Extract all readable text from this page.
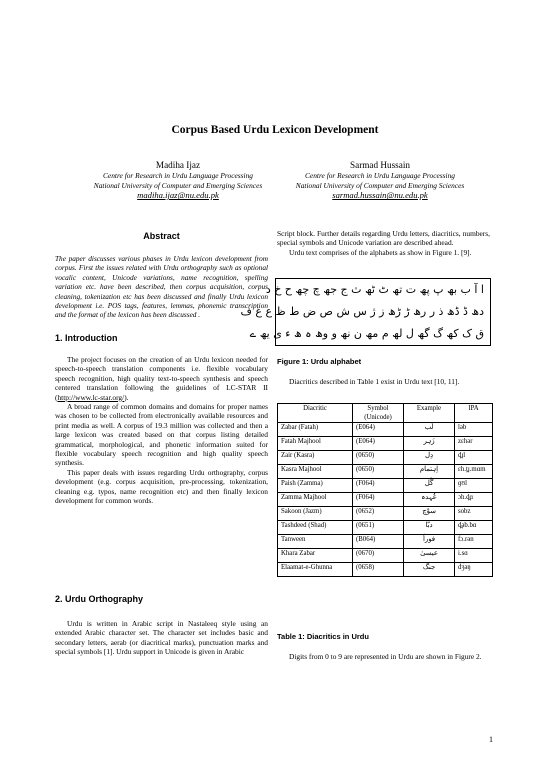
Corpus Based Urdu Lexicon Development
Madiha Ijaz
Centre for Research in Urdu Language Processing
National University of Computer and Emerging Sciences
madiha.ijaz@nu.edu.pk
Sarmad Hussain
Centre for Research in Urdu Language Processing
National University of Computer and Emerging Sciences
sarmad.hussain@nu.edu.pk
Abstract
The paper discusses various phases in Urdu lexicon development from corpus. First the issues related with Urdu orthography such as optional vocalic content, Unicode variations, name recognition, spelling variation etc. have been described, then corpus acquisition, corpus cleaning, tokenization etc has been discussed and finally Urdu lexicon development i.e. POS tags, features, lemmas, phonemic transcription and the format of the lexicon has been discussed .
1. Introduction

The project focuses on the creation of an Urdu lexicon needed for speech-to-speech translation components i.e. flexible vocabulary speech recognition, high quality text-to-speech synthesis and speech centered translation following the guidelines of LC-STAR II (http://www.lc-star.org/).

A broad range of common domains and domains for proper names was chosen to be collected from electronically available resources and print media as well. A corpus of 19.3 million was collected and then a large lexicon was created based on that corpus listing detailed grammatical, morphological, and phonetic information suited for flexible vocabulary speech recognition and high quality speech synthesis.

This paper deals with issues regarding Urdu orthography, corpus development (e.g. corpus acquisition, pre-processing, tokenization, cleaning e.g. typos, name recognition etc) and then finally lexicon development for common words.

2. Urdu Orthography

Urdu is written in Arabic script in Nastaleeq style using an extended Arabic character set. The character set includes basic and secondary letters, aerab (or diacritical marks), punctuation marks and special symbols [1]. Urdu support in Unicode is given in Arabic

Script block. Further details regarding Urdu letters, diacritics, numbers, special symbols and Unicode variation are described ahead.

Urdu text comprises of the alphabets as show in Figure 1. [9].

ا آ ب بھ پ پھ ت تھ ٹ ٹھ ث ج جھ چ چھ ح خ د
دھ ڈ ڈھ ذ ر رھ ڑ ڑھ ز ژ س ش ص ض ط ظ ع غ ف
ق ک کھ گ گھ ل لھ م مھ ن نھ و وھ ہ ھ ء ی یھ ے
Figure 1: Urdu alphabet

Diacritics described in Table 1 exist in Urdu text [10, 11].

Diacritic	Symbol (Unicode)	Example	IPA
Zabar (Fatah)	(E064)	لَب	ləb
Fatah Majhool	(E064)	زَہر	zɛhər
Zair (Kasra)	(0650)	دِل	d̪ɪl
Kasra Majhool	(0650)	اِہتمام	ɛh.t̪ɪ.mɑm
Paish (Zamma)	(F064)	گُل	ɡʊl
Zamma Majhool	(F064)	عُہدہ	ɔh.d̪ɑ
Sakoon (Jazm)	(0652)	سوْچ	sobz
Tashdeed (Shad)	(0651)	دبّا	d̪əb.bɑ
Tanween	(B064)	فوراً	fɔ.rən
Khara Zabar	(0670)	عیسیٰ	i.sɑ
Elaamat-e-Ghunna	(0658)	جنگ	d͡ʒəŋ
Table 1: Diacritics in Urdu

Digits from 0 to 9 are represented in Urdu are shown in Figure 2.

1
